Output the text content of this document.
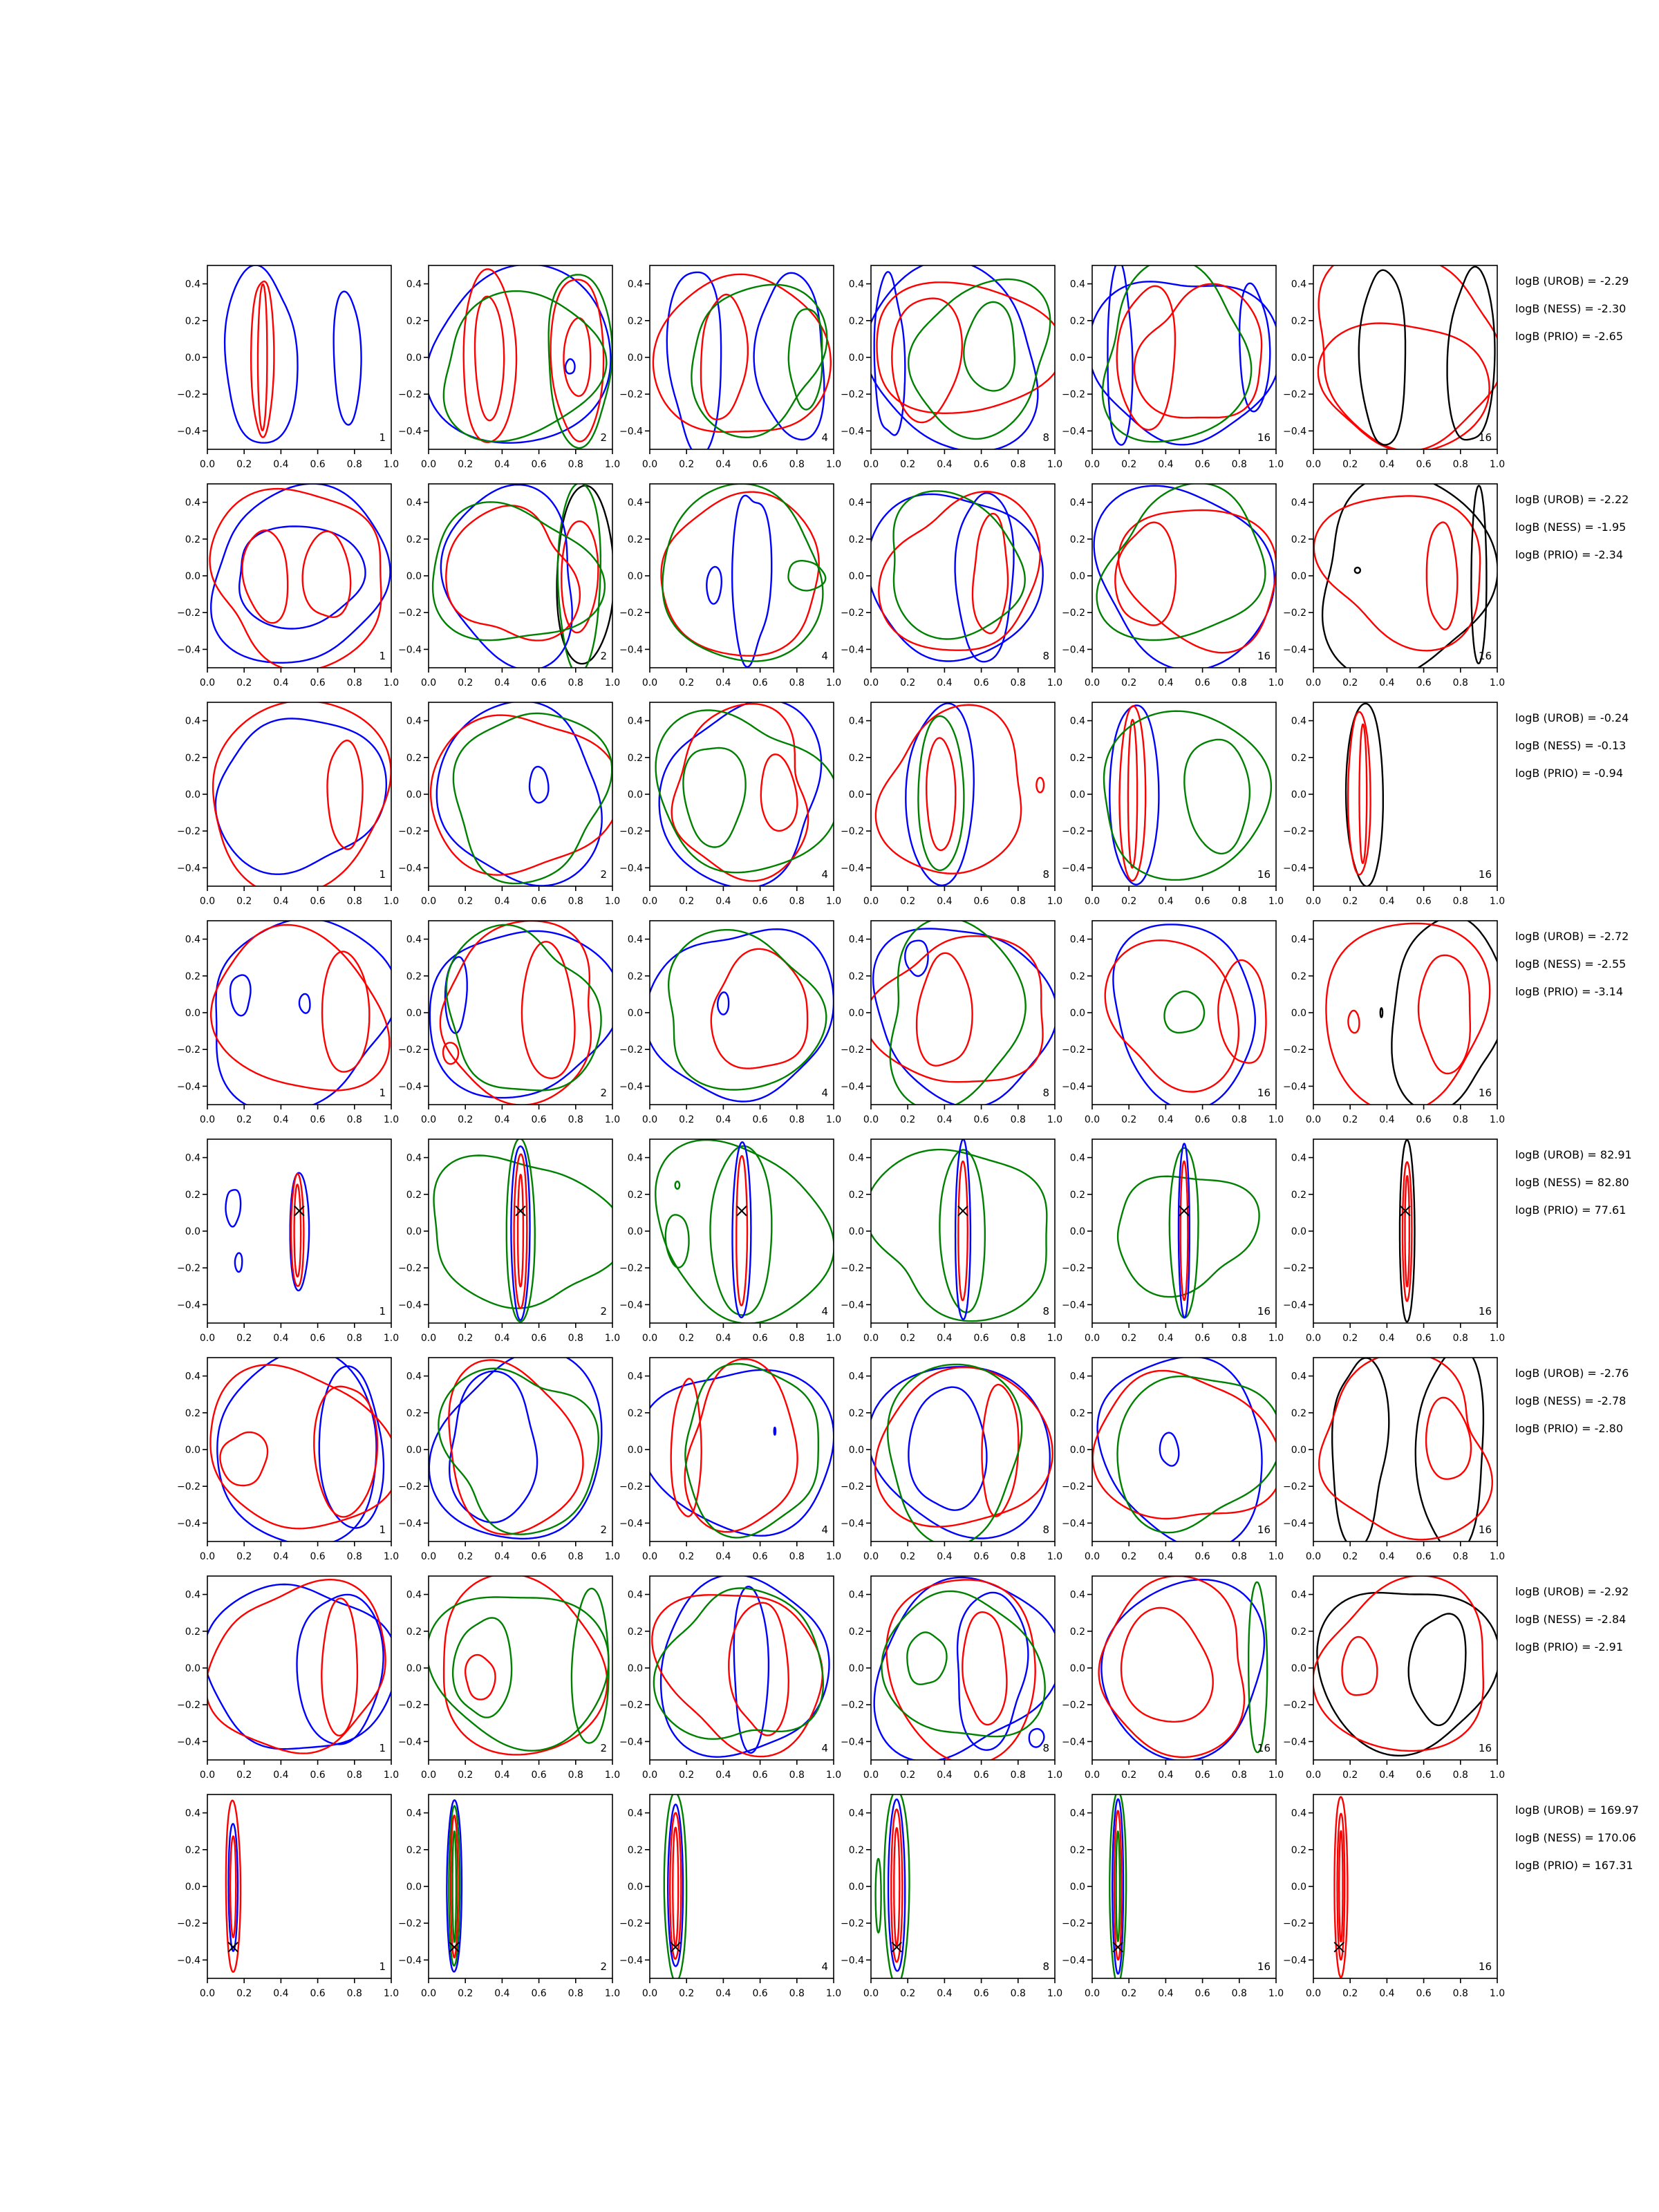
0.0 0.2 0.4 0.6 0.8 1.0
0.4
0.2
0.0
−0.2
−0.4	1
0.0 0.2 0.4 0.6 0.8 1.0
0.4
0.2
0.0
−0.2
−0.4	2
0.0 0.2 0.4 0.6 0.8 1.0
0.4
0.2
0.0
−0.2
−0.4	4
0.0 0.2 0.4 0.6 0.8 1.0
0.4
0.2
0.0
−0.2
−0.4	8
0.0 0.2 0.4 0.6 0.8 1.0
0.4
0.2
0.0
−0.2
−0.4	16
0.0 0.2 0.4 0.6 0.8 1.0
0.4
0.2
0.0
−0.2
−0.4	16
0.0 0.2 0.4 0.6 0.8 1.0
0.4
0.2
0.0
−0.2
−0.4	1
0.0 0.2 0.4 0.6 0.8 1.0
0.4
0.2
0.0
−0.2
−0.4	2
0.0 0.2 0.4 0.6 0.8 1.0
0.4
0.2
0.0
−0.2
−0.4	4
0.0 0.2 0.4 0.6 0.8 1.0
0.4
0.2
0.0
−0.2
−0.4	8
0.0 0.2 0.4 0.6 0.8 1.0
0.4
0.2
0.0
−0.2
−0.4	16
0.0 0.2 0.4 0.6 0.8 1.0
0.4
0.2
0.0
−0.2
−0.4	16
0.0 0.2 0.4 0.6 0.8 1.0
0.4
0.2
0.0
−0.2
−0.4	1
0.0 0.2 0.4 0.6 0.8 1.0
0.4
0.2
0.0
−0.2
−0.4	2
0.0 0.2 0.4 0.6 0.8 1.0
0.4
0.2
0.0
−0.2
−0.4	4
0.0 0.2 0.4 0.6 0.8 1.0
0.4
0.2
0.0
−0.2
−0.4	8
0.0 0.2 0.4 0.6 0.8 1.0
0.4
0.2
0.0
−0.2
−0.4	16
0.0 0.2 0.4 0.6 0.8 1.0
0.4
0.2
0.0
−0.2
−0.4	16
0.0 0.2 0.4 0.6 0.8 1.0
0.4
0.2
0.0
−0.2
−0.4	1
0.0 0.2 0.4 0.6 0.8 1.0
0.4
0.2
0.0
−0.2
−0.4	2
0.0 0.2 0.4 0.6 0.8 1.0
0.4
0.2
0.0
−0.2
−0.4	4
0.0 0.2 0.4 0.6 0.8 1.0
0.4
0.2
0.0
−0.2
−0.4	8
0.0 0.2 0.4 0.6 0.8 1.0
0.4
0.2
0.0
−0.2
−0.4	16
0.0 0.2 0.4 0.6 0.8 1.0
0.4
0.2
0.0
−0.2
−0.4	16
0.0 0.2 0.4 0.6 0.8 1.0
0.4
0.2
0.0
−0.2
−0.4	1
0.0 0.2 0.4 0.6 0.8 1.0
0.4
0.2
0.0
−0.2
−0.4	2
0.0 0.2 0.4 0.6 0.8 1.0
0.4
0.2
0.0
−0.2
−0.4	4
0.0 0.2 0.4 0.6 0.8 1.0
0.4
0.2
0.0
−0.2
−0.4	8
0.0 0.2 0.4 0.6 0.8 1.0
0.4
0.2
0.0
−0.2
−0.4	16
0.0 0.2 0.4 0.6 0.8 1.0
0.4
0.2
0.0
−0.2
−0.4	16
0.0 0.2 0.4 0.6 0.8 1.0
0.4
0.2
0.0
−0.2
−0.4	1
0.0 0.2 0.4 0.6 0.8 1.0
0.4
0.2
0.0
−0.2
−0.4	2
0.0 0.2 0.4 0.6 0.8 1.0
0.4
0.2
0.0
−0.2
−0.4	4
0.0 0.2 0.4 0.6 0.8 1.0
0.4
0.2
0.0
−0.2
−0.4	8
0.0 0.2 0.4 0.6 0.8 1.0
0.4
0.2
0.0
−0.2
−0.4	16
0.0 0.2 0.4 0.6 0.8 1.0
0.4
0.2
0.0
−0.2
−0.4	16
0.0 0.2 0.4 0.6 0.8 1.0
0.4
0.2
0.0
−0.2
−0.4	1
0.0 0.2 0.4 0.6 0.8 1.0
0.4
0.2
0.0
−0.2
−0.4	2
0.0 0.2 0.4 0.6 0.8 1.0
0.4
0.2
0.0
−0.2
−0.4	4
0.0 0.2 0.4 0.6 0.8 1.0
0.4
0.2
0.0
−0.2
−0.4	8
0.0 0.2 0.4 0.6 0.8 1.0
0.4
0.2
0.0
−0.2
−0.4	16
0.0 0.2 0.4 0.6 0.8 1.0
0.4
0.2
0.0
−0.2
−0.4	16
0.0 0.2 0.4 0.6 0.8 1.0
0.4
0.2
0.0
−0.2
−0.4	1
0.0 0.2 0.4 0.6 0.8 1.0
0.4
0.2
0.0
−0.2
−0.4	2
0.0 0.2 0.4 0.6 0.8 1.0
0.4
0.2
0.0
−0.2
−0.4	4
0.0 0.2 0.4 0.6 0.8 1.0
0.4
0.2
0.0
−0.2
−0.4	8
0.0 0.2 0.4 0.6 0.8 1.0
0.4
0.2
0.0
−0.2
−0.4	16
0.0 0.2 0.4 0.6 0.8 1.0
0.4
0.2
0.0
−0.2
−0.4	16
logB (UROB) = -2.29
logB (NESS) = -2.30
logB (PRIO) = -2.65
logB (UROB) = -2.22
logB (NESS) = -1.95
logB (PRIO) = -2.34
logB (UROB) = -0.24
logB (NESS) = -0.13
logB (PRIO) = -0.94
logB (UROB) = -2.72
logB (NESS) = -2.55
logB (PRIO) = -3.14
logB (UROB) = 82.91
logB (NESS) = 82.80
logB (PRIO) = 77.61
logB (UROB) = -2.76
logB (NESS) = -2.78
logB (PRIO) = -2.80
logB (UROB) = -2.92
logB (NESS) = -2.84
logB (PRIO) = -2.91
logB (UROB) = 169.97
logB (NESS) = 170.06
logB (PRIO) = 167.31
